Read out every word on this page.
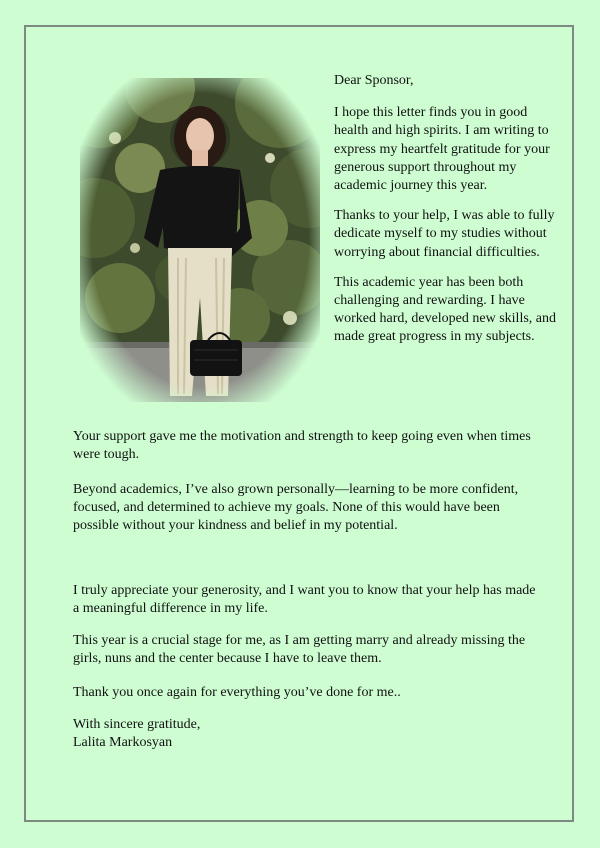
Dear Sponsor,

I hope this letter finds you in good health and high spirits. I am writing to express my heartfelt gratitude for your generous support throughout my academic journey this year.

Thanks to your help, I was able to fully dedicate myself to my studies without worrying about financial difficulties.

This academic year has been both challenging and rewarding. I have worked hard, developed new skills, and made great progress in my subjects.

Your support gave me the motivation and strength to keep going even when times were tough.

Beyond academics, I’ve also grown personally—learning to be more confident, focused, and determined to achieve my goals. None of this would have been possible without your kindness and belief in my potential.

I truly appreciate your generosity, and I want you to know that your help has made a meaningful difference in my life.

This year is a crucial stage for me, as I am getting marry and already missing the girls, nuns and the center because I have to leave them.

Thank you once again for everything you’ve done for me..

With sincere gratitude,

Lalita Markosyan
